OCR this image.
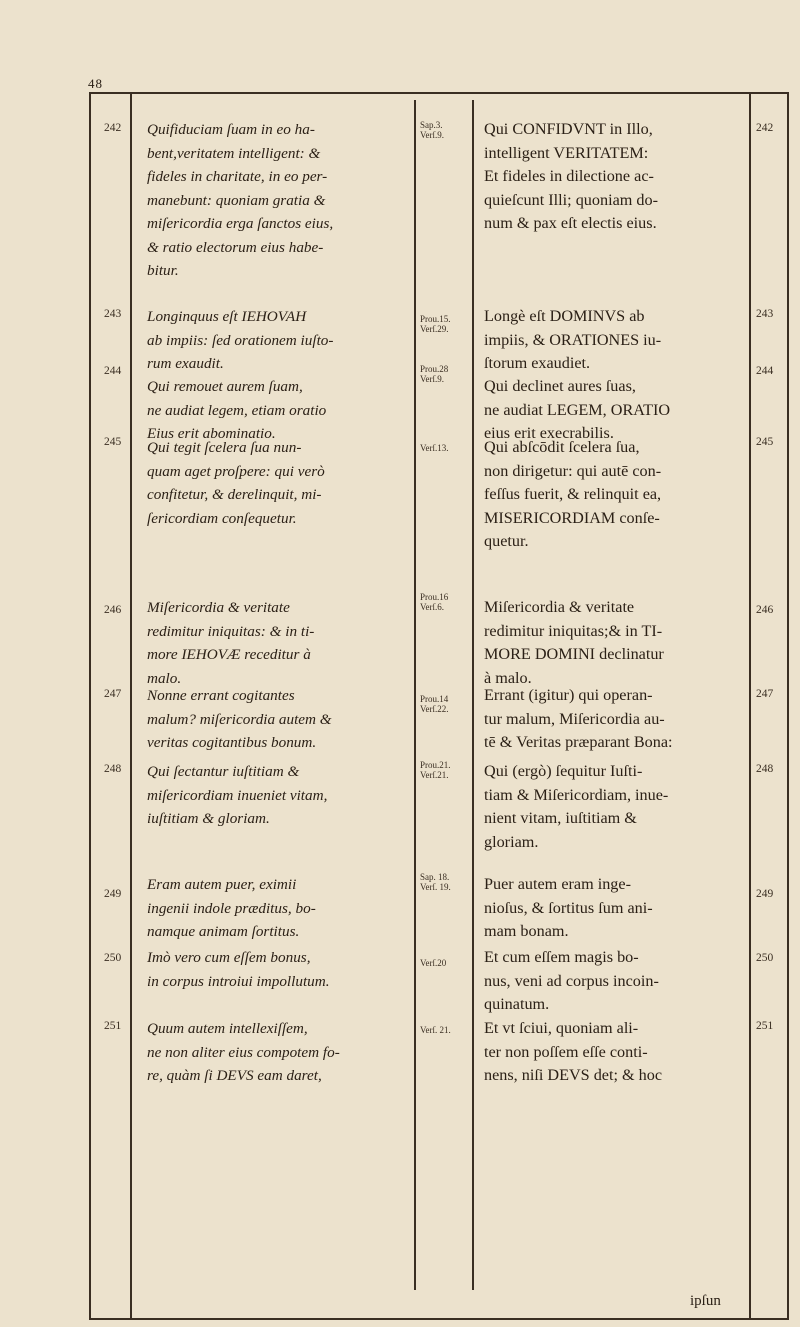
48
242
243
244
245
246
247
248
249
250
251
242
243
244
245
246
247
248
249
250
251
Sap.3.
Verſ.9.
Prou.15.
Verſ.29.
Prou.28
Verſ.9.
Verſ.13.
Prou.16
Verſ.6.
Prou.14
Verſ.22.
Prou.21.
Verſ.21.
Sap. 18.
Verſ. 19.
Verſ.20
Verſ. 21.
Quifiduciam ſuam in eo ha-
bent,veritatem intelligent: &
fideles in charitate, in eo per-
manebunt: quoniam gratia &
miſericordia erga ſanctos eius,
& ratio electorum eius habe-
bitur.
Longinquus eſt IEHOVAH
ab impiis: ſed orationem iuſto-
rum exaudit.
Qui remouet aurem ſuam,
ne audiat legem, etiam oratio
Eius erit abominatio.
Qui tegit ſcelera ſua nun-
quam aget proſpere: qui verò
confitetur, & derelinquit, mi-
ſericordiam conſequetur.
Miſericordia & veritate
redimitur iniquitas: & in ti-
more IEHOVÆ receditur à
malo.
Nonne errant cogitantes
malum? miſericordia autem &
veritas cogitantibus bonum.
Qui ſectantur iuſtitiam &
miſericordiam inueniet vitam,
iuſtitiam & gloriam.
Eram autem puer, eximii
ingenii indole præditus, bo-
namque animam ſortitus.
Imò vero cum eſſem bonus,
in corpus introiui impollutum.
Quum autem intellexiſſem,
ne non aliter eius compotem fo-
re, quàm ſi DEVS eam daret,
Qui CONFIDVNT in Illo,
intelligent VERITATEM:
Et fideles in dilectione ac-
quieſcunt Illi; quoniam do-
num & pax eſt electis eius.
Longè eſt DOMINVS ab
impiis, & ORATIONES iu-
ſtorum exaudiet.
Qui declinet aures ſuas,
ne audiat LEGEM, ORATIO
eius erit execrabilis.
Qui abſcōdit ſcelera ſua,
non dirigetur: qui autē con-
feſſus fuerit, & relinquit ea,
MISERICORDIAM conſe-
quetur.
Miſericordia & veritate
redimitur iniquitas;& in TI-
MORE DOMINI declinatur
à malo.
Errant (igitur) qui operan-
tur malum, Miſericordia au-
tē & Veritas præparant Bona:
Qui (ergò) ſequitur Iuſti-
tiam & Miſericordiam, inue-
nient vitam, iuſtitiam &
gloriam.
Puer autem eram inge-
nioſus, & ſortitus ſum ani-
mam bonam.
Et cum eſſem magis bo-
nus, veni ad corpus incoin-
quinatum.
Et vt ſciui, quoniam ali-
ter non poſſem eſſe conti-
nens, niſi DEVS det; & hoc
ipſun
